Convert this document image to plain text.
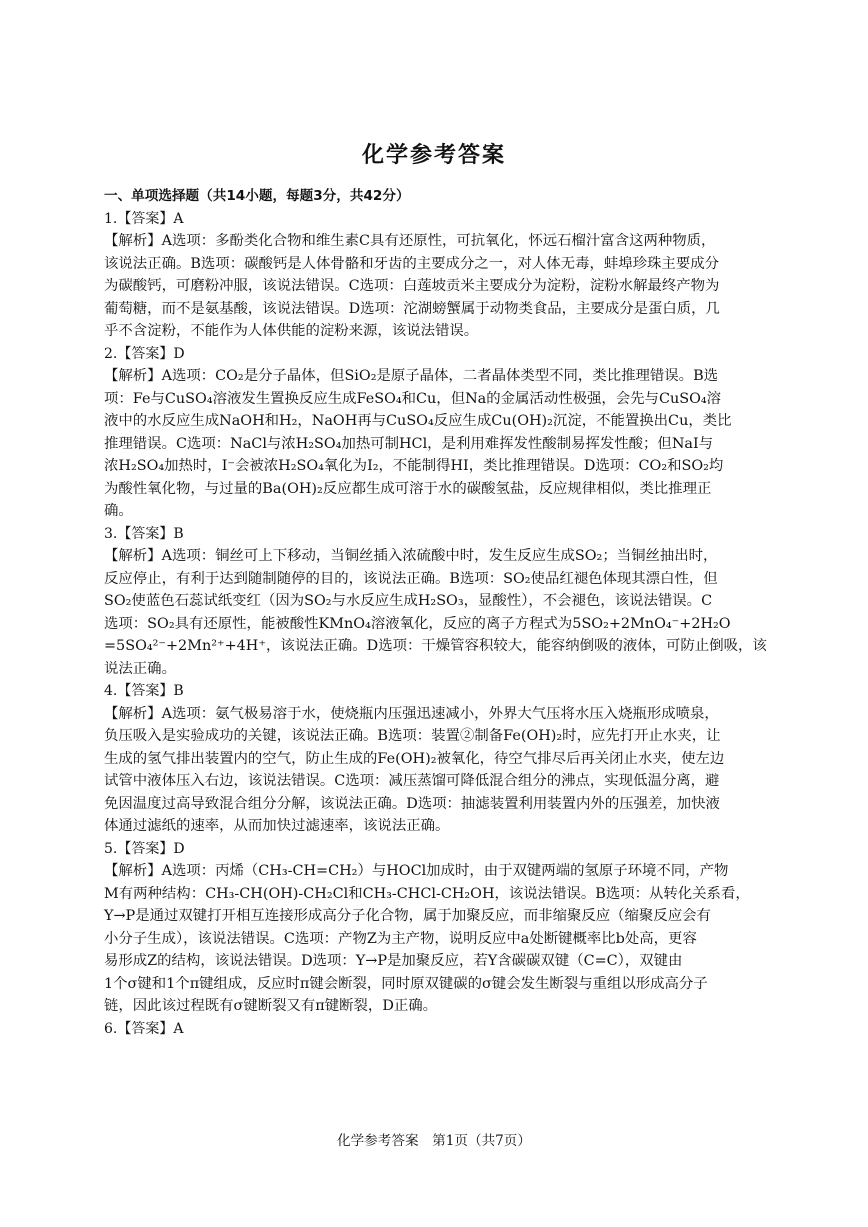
化学参考答案
一、单项选择题（共14小题，每题3分，共42分）
1.【答案】A
【解析】A选项：多酚类化合物和维生素C具有还原性，可抗氧化，怀远石榴汁富含这两种物质，
该说法正确。B选项：碳酸钙是人体骨骼和牙齿的主要成分之一，对人体无毒，蚌埠珍珠主要成分
为碳酸钙，可磨粉冲服，该说法错误。C选项：白莲坡贡米主要成分为淀粉，淀粉水解最终产物为
葡萄糖，而不是氨基酸，该说法错误。D选项：沱湖螃蟹属于动物类食品，主要成分是蛋白质，几
乎不含淀粉，不能作为人体供能的淀粉来源，该说法错误。
2.【答案】D
【解析】A选项：CO₂是分子晶体，但SiO₂是原子晶体，二者晶体类型不同，类比推理错误。B选
项：Fe与CuSO₄溶液发生置换反应生成FeSO₄和Cu，但Na的金属活动性极强，会先与CuSO₄溶
液中的水反应生成NaOH和H₂，NaOH再与CuSO₄反应生成Cu(OH)₂沉淀，不能置换出Cu，类比
推理错误。C选项：NaCl与浓H₂SO₄加热可制HCl，是利用难挥发性酸制易挥发性酸；但NaI与
浓H₂SO₄加热时，I⁻会被浓H₂SO₄氧化为I₂，不能制得HI，类比推理错误。D选项：CO₂和SO₂均
为酸性氧化物，与过量的Ba(OH)₂反应都生成可溶于水的碳酸氢盐，反应规律相似，类比推理正
确。
3.【答案】B
【解析】A选项：铜丝可上下移动，当铜丝插入浓硫酸中时，发生反应生成SO₂；当铜丝抽出时，
反应停止，有利于达到随制随停的目的，该说法正确。B选项：SO₂使品红褪色体现其漂白性，但
SO₂使蓝色石蕊试纸变红（因为SO₂与水反应生成H₂SO₃，显酸性），不会褪色，该说法错误。C
选项：SO₂具有还原性，能被酸性KMnO₄溶液氧化，反应的离子方程式为5SO₂+2MnO₄⁻+2H₂O
=5SO₄²⁻+2Mn²⁺+4H⁺，该说法正确。D选项：干燥管容积较大，能容纳倒吸的液体，可防止倒吸，该
说法正确。
4.【答案】B
【解析】A选项：氨气极易溶于水，使烧瓶内压强迅速减小，外界大气压将水压入烧瓶形成喷泉，
负压吸入是实验成功的关键，该说法正确。B选项：装置②制备Fe(OH)₂时，应先打开止水夹，让
生成的氢气排出装置内的空气，防止生成的Fe(OH)₂被氧化，待空气排尽后再关闭止水夹，使左边
试管中液体压入右边，该说法错误。C选项：减压蒸馏可降低混合组分的沸点，实现低温分离，避
免因温度过高导致混合组分分解，该说法正确。D选项：抽滤装置利用装置内外的压强差，加快液
体通过滤纸的速率，从而加快过滤速率，该说法正确。
5.【答案】D
【解析】A选项：丙烯（CH₃-CH=CH₂）与HOCl加成时，由于双键两端的氢原子环境不同，产物
M有两种结构：CH₃-CH(OH)-CH₂Cl和CH₃-CHCl-CH₂OH，该说法错误。B选项：从转化关系看，
Y→P是通过双键打开相互连接形成高分子化合物，属于加聚反应，而非缩聚反应（缩聚反应会有
小分子生成），该说法错误。C选项：产物Z为主产物，说明反应中a处断键概率比b处高，更容
易形成Z的结构，该说法错误。D选项：Y→P是加聚反应，若Y含碳碳双键（C=C），双键由
1个σ键和1个π键组成，反应时π键会断裂，同时原双键碳的σ键会发生断裂与重组以形成高分子
链，因此该过程既有σ键断裂又有π键断裂，D正确。
6.【答案】A
化学参考答案　第1页（共7页）
